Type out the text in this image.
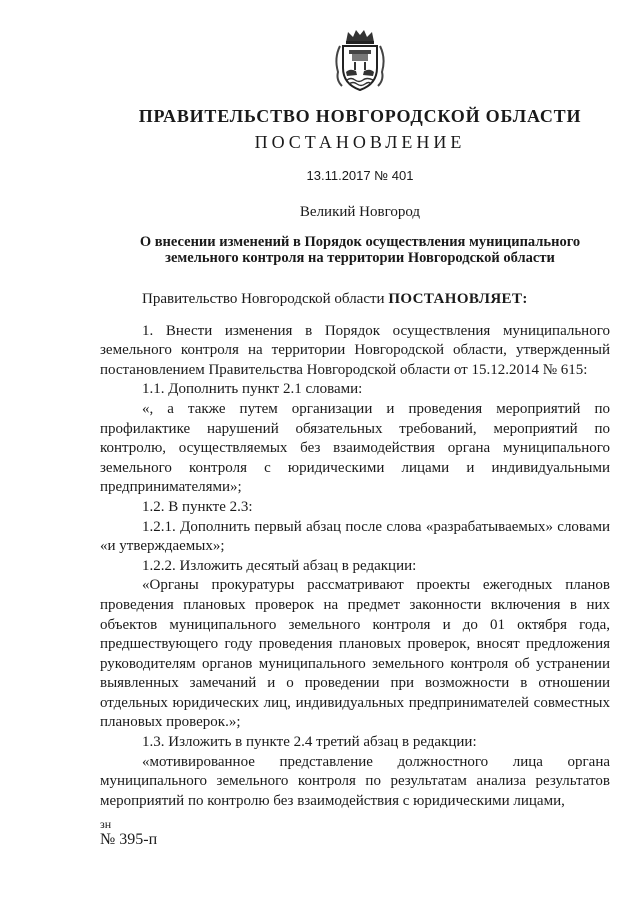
ПРАВИТЕЛЬСТВО НОВГОРОДСКОЙ ОБЛАСТИ
ПОСТАНОВЛЕНИЕ
13.11.2017 № 401
Великий Новгород
О внесении изменений в Порядок осуществления муниципального
земельного контроля на территории Новгородской области

Правительство Новгородской области ПОСТАНОВЛЯЕТ:

1. Внести изменения в Порядок осуществления муниципального земельного контроля на территории Новгородской области, утвержденный постановлением Правительства Новгородской области от 15.12.2014 № 615:

1.1. Дополнить пункт 2.1 словами:

«, а также путем организации и проведения мероприятий по профилактике нарушений обязательных требований, мероприятий по контролю, осуществляемых без взаимодействия органа муниципального земельного контроля с юридическими лицами и индивидуальными предпринимателями»;

1.2. В пункте 2.3:

1.2.1. Дополнить первый абзац после слова «разрабатываемых» словами «и утверждаемых»;

1.2.2. Изложить десятый абзац в редакции:

«Органы прокуратуры рассматривают проекты ежегодных планов проведения плановых проверок на предмет законности включения в них объектов муниципального земельного контроля и до 01 октября года, предшествующего году проведения плановых проверок, вносят предложения руководителям органов муниципального земельного контроля об устранении выявленных замечаний и о проведении при возможности в отношении отдельных юридических лиц, индивидуальных предпринимателей совместных плановых проверок.»;

1.3. Изложить в пункте 2.4 третий абзац в редакции:

«мотивированное представление должностного лица органа муниципального земельного контроля по результатам анализа результатов мероприятий по контролю без взаимодействия с юридическими лицами,

зн
№ 395-п
